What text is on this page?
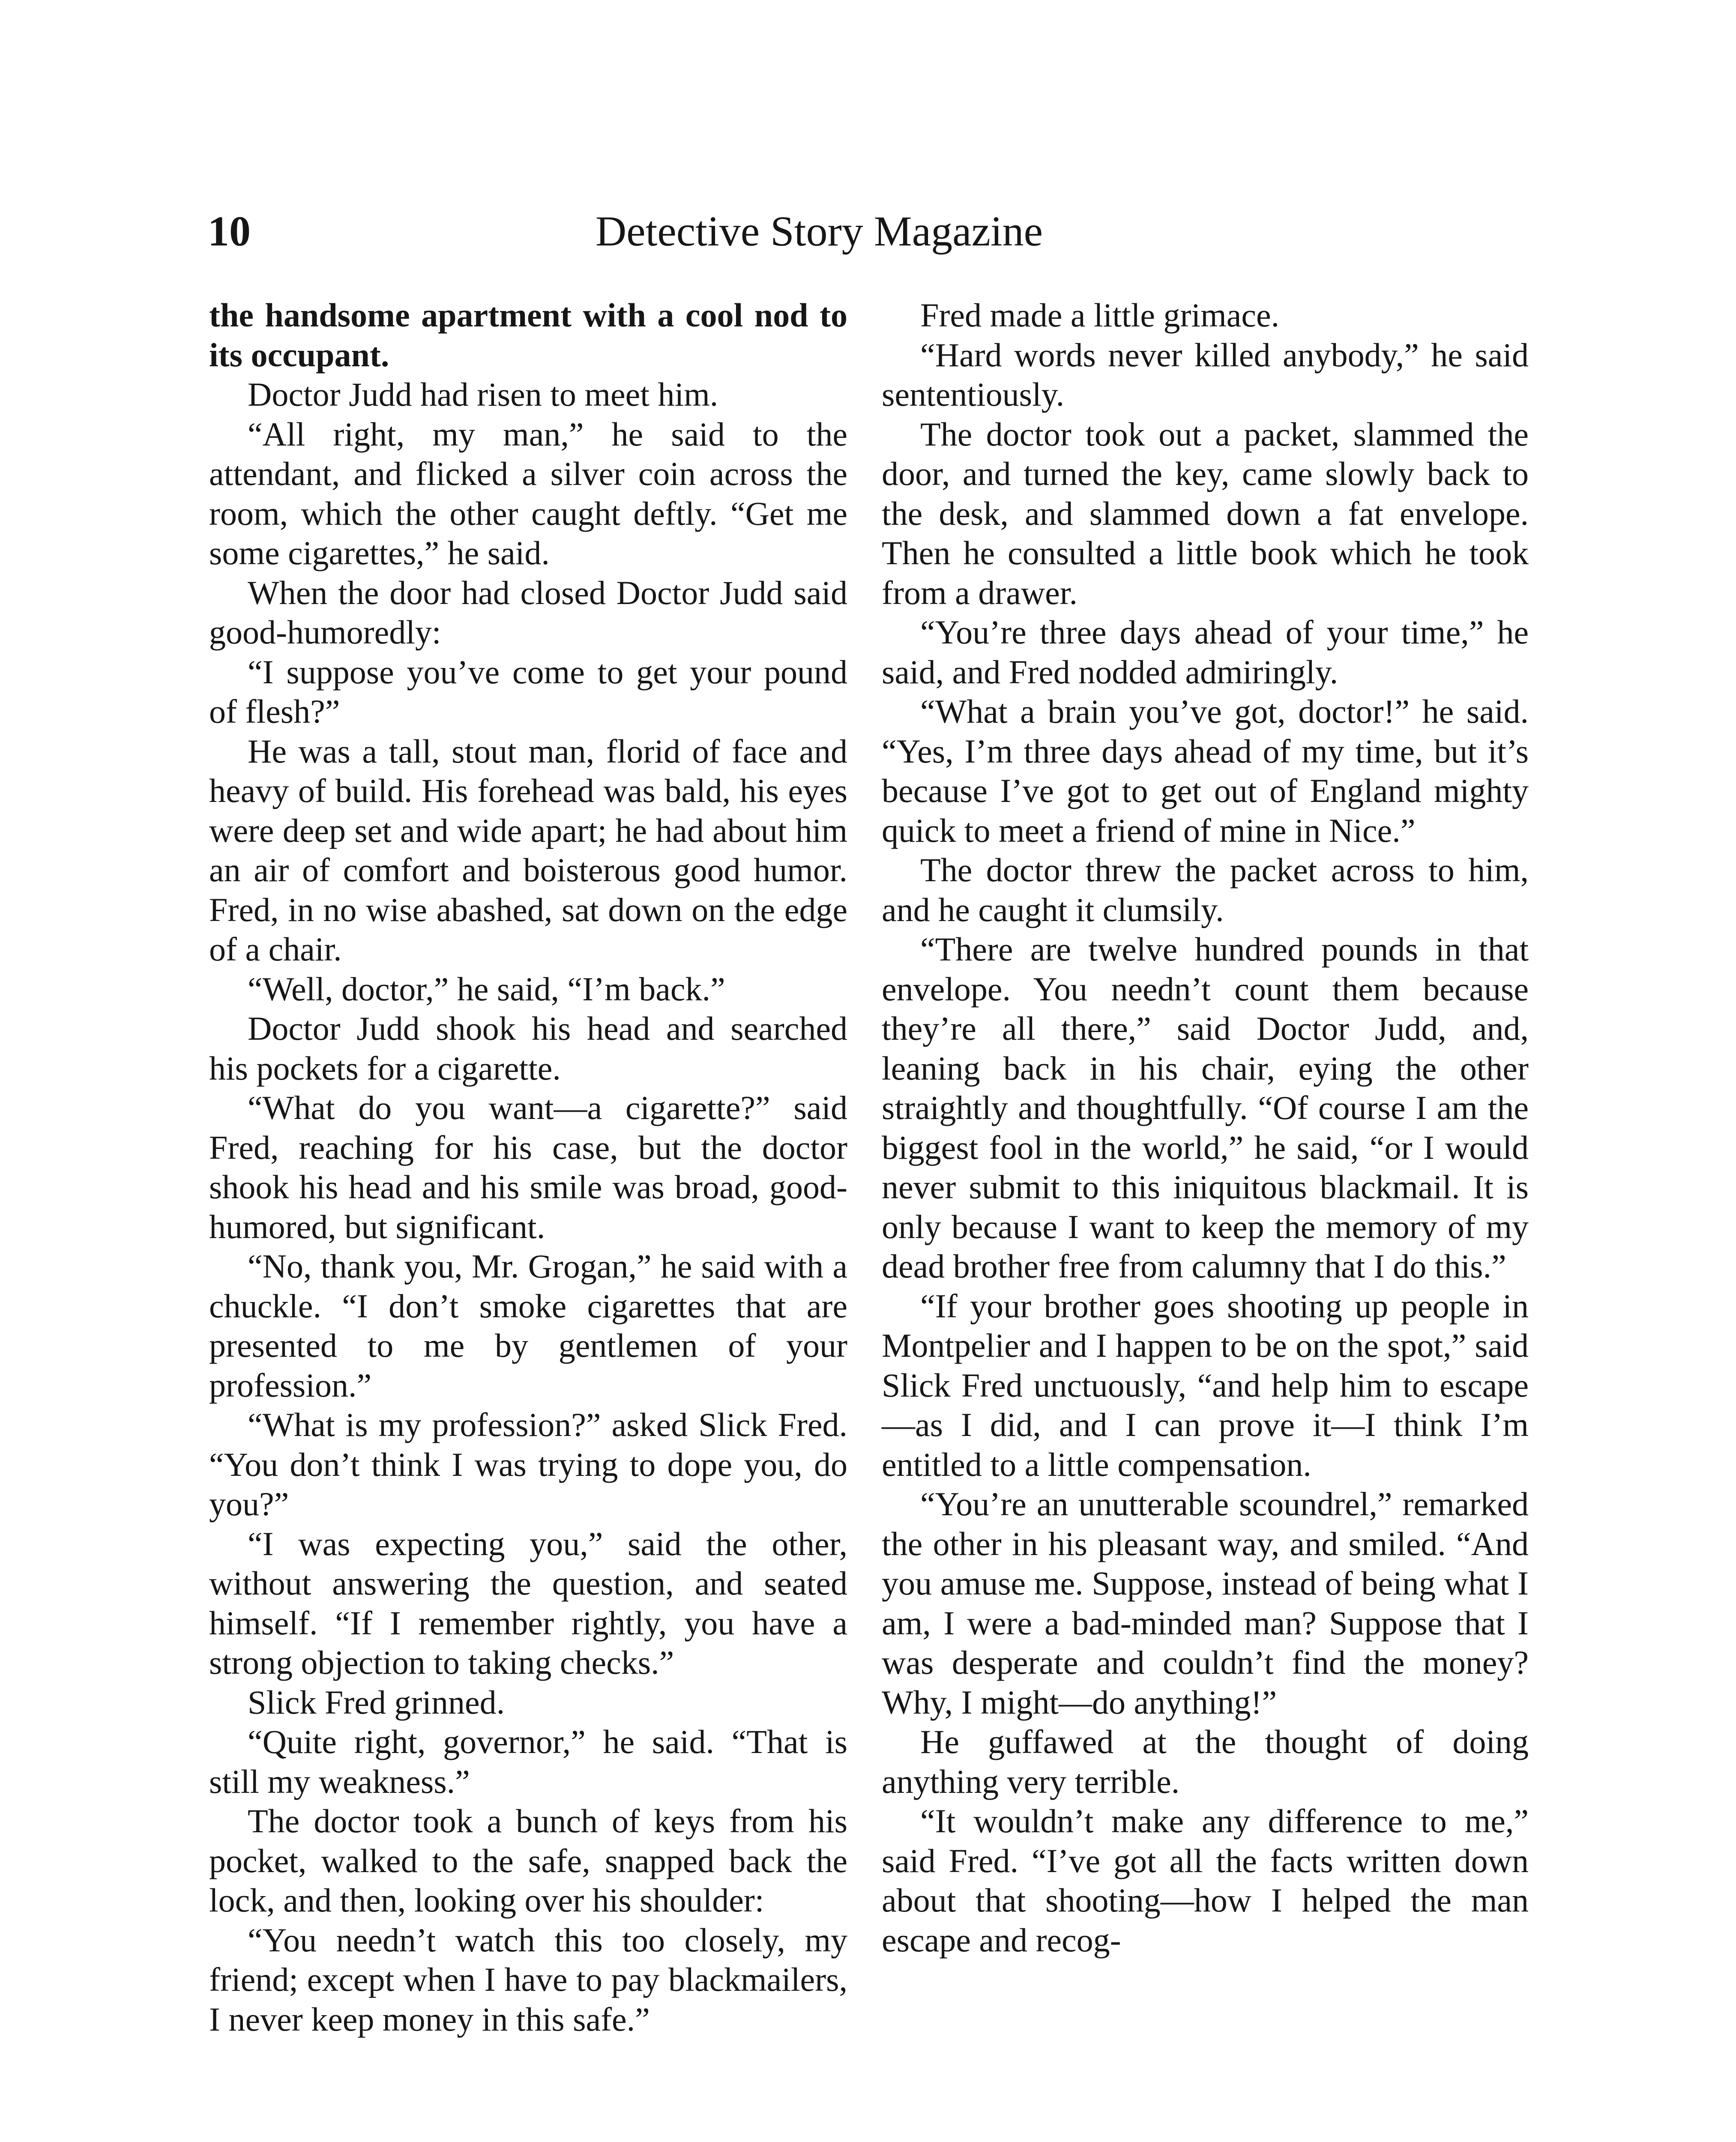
10	Detective Story Magazine

the handsome apartment with a cool nod to its occupant.

Doctor Judd had risen to meet him.

“All right, my man,” he said to the attendant, and flicked a silver coin across the room, which the other caught deftly. “Get me some cigarettes,” he said.

When the door had closed Doctor Judd said good-humoredly:

“I suppose you’ve come to get your pound of flesh?”

He was a tall, stout man, florid of face and heavy of build. His forehead was bald, his eyes were deep set and wide apart; he had about him an air of comfort and boisterous good humor. Fred, in no wise abashed, sat down on the edge of a chair.

“Well, doctor,” he said, “I’m back.”

Doctor Judd shook his head and searched his pockets for a cigarette.

“What do you want—a cigarette?” said Fred, reaching for his case, but the doctor shook his head and his smile was broad, good-humored, but significant.

“No, thank you, Mr. Grogan,” he said with a chuckle. “I don’t smoke cigarettes that are presented to me by gentlemen of your profession.”

“What is my profession?” asked Slick Fred. “You don’t think I was trying to dope you, do you?”

“I was expecting you,” said the other, without answering the question, and seated himself. “If I remember rightly, you have a strong objection to taking checks.”

Slick Fred grinned.

“Quite right, governor,” he said. “That is still my weakness.”

The doctor took a bunch of keys from his pocket, walked to the safe, snapped back the lock, and then, looking over his shoulder:

“You needn’t watch this too closely, my friend; except when I have to pay blackmailers, I never keep money in this safe.”

Fred made a little grimace.

“Hard words never killed anybody,” he said sententiously.

The doctor took out a packet, slammed the door, and turned the key, came slowly back to the desk, and slammed down a fat envelope. Then he consulted a little book which he took from a drawer.

“You’re three days ahead of your time,” he said, and Fred nodded admiringly.

“What a brain you’ve got, doctor!” he said. “Yes, I’m three days ahead of my time, but it’s because I’ve got to get out of England mighty quick to meet a friend of mine in Nice.”

The doctor threw the packet across to him, and he caught it clumsily.

“There are twelve hundred pounds in that envelope. You needn’t count them because they’re all there,” said Doctor Judd, and, leaning back in his chair, eying the other straightly and thoughtfully. “Of course I am the biggest fool in the world,” he said, “or I would never submit to this iniquitous blackmail. It is only because I want to keep the memory of my dead brother free from calumny that I do this.”

“If your brother goes shooting up people in Montpelier and I happen to be on the spot,” said Slick Fred unctuously, “and help him to escape—as I did, and I can prove it—I think I’m entitled to a little compensation.

“You’re an unutterable scoundrel,” remarked the other in his pleasant way, and smiled. “And you amuse me. Suppose, instead of being what I am, I were a bad-minded man? Suppose that I was desperate and couldn’t find the money? Why, I might—do anything!”

He guffawed at the thought of doing anything very terrible.

“It wouldn’t make any difference to me,” said Fred. “I’ve got all the facts written down about that shooting—how I helped the man escape and recog-
